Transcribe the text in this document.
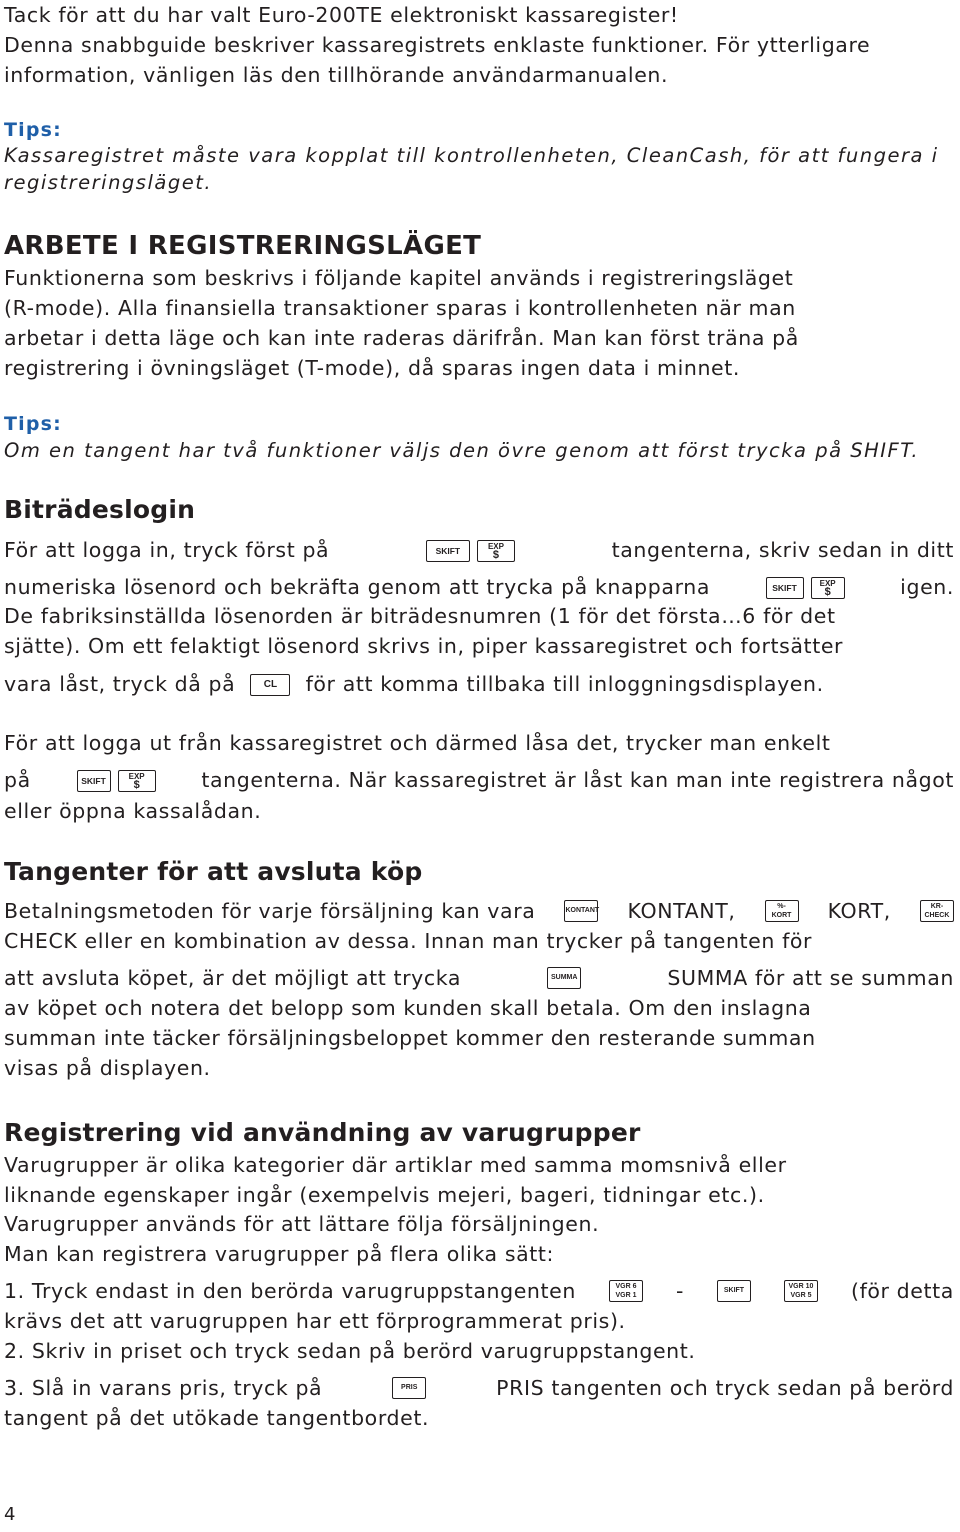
Tack för att du har valt Euro-200TE elektroniskt kassaregister!
Denna snabbguide beskriver kassaregistrets enklaste funktioner. För ytterligare
information, vänligen läs den tillhörande användarmanualen.
Tips:
Kassaregistret måste vara kopplat till kontrollenheten, CleanCash, för att fungera i
registreringsläget.
ARBETE I REGISTRERINGSLÄGET
Funktionerna som beskrivs i följande kapitel används i registreringsläget
(R-mode). Alla finansiella transaktioner sparas i kontrollenheten när man
arbetar i detta läge och kan inte raderas därifrån. Man kan först träna på
registrering i övningsläget (T-mode), då sparas ingen data i minnet.
Tips:
Om en tangent har två funktioner väljs den övre genom att först trycka på SHIFT.
Biträdeslogin
För att logga in, tryck först på	SKIFT	EXP
$	tangenterna, skriv sedan in ditt
numeriska lösenord och bekräfta genom att trycka på knapparna	SKIFT	EXP
$	igen.
De fabriksinställda lösenorden är biträdesnumren (1 för det första…6 för det
sjätte). Om ett felaktigt lösenord skrivs in, piper kassaregistret och fortsätter
vara låst, tryck då på	CL för att komma tillbaka till inloggningsdisplayen.
För att logga ut från kassaregistret och därmed låsa det, trycker man enkelt
på	SKIFT	EXP
$	tangenterna. När kassaregistret är låst kan man inte registrera något
eller öppna kassalådan.
Tangenter för att avsluta köp
Betalningsmetoden för varje försäljning kan vara	KONTANT KONTANT,	%-
KORT	KORT,	KR-
CHECK
CHECK eller en kombination av dessa. Innan man trycker på tangenten för
att avsluta köpet, är det möjligt att trycka	SUMMA	SUMMA för att se summan
av köpet och notera det belopp som kunden skall betala. Om den inslagna
summan inte täcker försäljningsbeloppet kommer den resterande summan
visas på displayen.
Registrering vid användning av varugrupper
Varugrupper är olika kategorier där artiklar med samma momsnivå eller
liknande egenskaper ingår (exempelvis mejeri, bageri, tidningar etc.).
Varugrupper används för att lättare följa försäljningen.
Man kan registrera varugrupper på flera olika sätt:
1. Tryck endast in den berörda varugruppstangenten	VGR 6
VGR 1	-	SKIFT
VGR 10
VGR 5	(för detta
krävs det att varugruppen har ett förprogrammerat pris).
2. Skriv in priset och tryck sedan på berörd varugruppstangent.
3. Slå in varans pris, tryck på	PRIS	PRIS tangenten och tryck sedan på berörd
tangent på det utökade tangentbordet.
4
